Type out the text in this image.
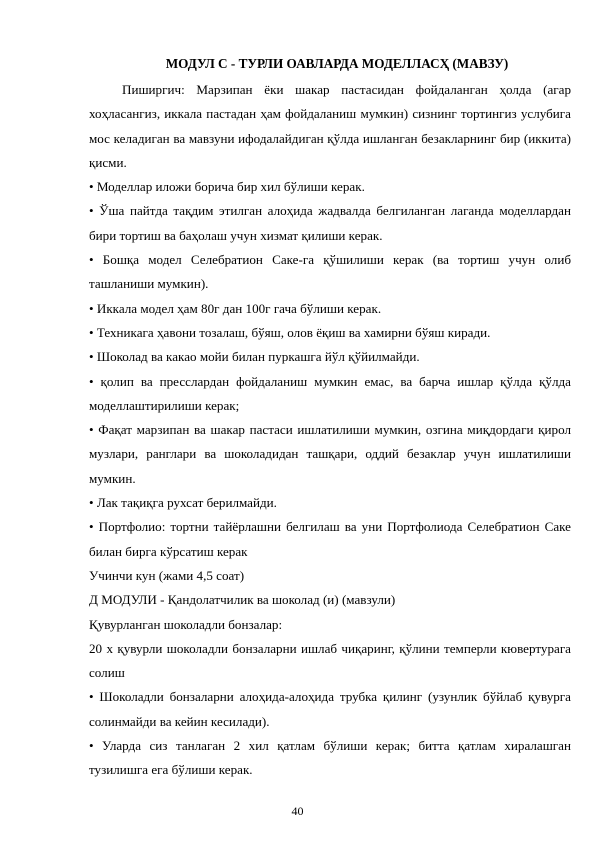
МОДУЛ С - ТУРЛИ ОАВЛАРДА МОДЕЛЛАСҲ (МАВЗУ)

Пиширгич: Марзипан ёки шакар пастасидан фойдаланган ҳолда (агар хоҳласангиз, иккала пастадан ҳам фойдаланиш мумкин) сизнинг тортингиз услубига мос келадиган ва мавзуни ифодалайдиган қўлда ишланган безакларнинг бир (иккита) қисми.

• Моделлар иложи борича бир хил бўлиши керак.

• Ўша пайтда тақдим этилган алоҳида жадвалда белгиланган лаганда моделлардан бири тортиш ва баҳолаш учун хизмат қилиши керак.

• Бошқа модел Селебратион Саке-га қўшилиши керак (ва тортиш учун олиб ташланиши мумкин).

• Иккала модел ҳам 80г дан 100г гача бўлиши керак.

• Техникага ҳавони тозалаш, бўяш, олов ёқиш ва хамирни бўяш киради.

• Шоколад ва какао мойи билан пуркашга йўл қўйилмайди.

• қолип ва пресслардан фойдаланиш мумкин емас, ва барча ишлар қўлда қўлда моделлаштирилиши керак;

• Фақат марзипан ва шакар пастаси ишлатилиши мумкин, озгина миқдордаги қирол музлари, ранглари ва шоколадидан ташқари, оддий безаклар учун ишлатилиши мумкин.

• Лак тақиқга рухсат берилмайди.

• Портфолио: тортни тайёрлашни белгилаш ва уни Портфолиода Селебратион Саке билан бирга кўрсатиш керак

Учинчи кун (жами 4,5 соат)

Д МОДУЛИ - Қандолатчилик ва шоколад (и) (мавзули)

Қувурланган шоколадли бонзалар:

20 х қувурли шоколадли бонзаларни ишлаб чиқаринг, қўлини темперли кювертурага солиш

• Шоколадли бонзаларни алоҳида-алоҳида трубка қилинг (узунлик бўйлаб қувурга солинмайди ва кейин кесилади).

• Уларда сиз танлаган 2 хил қатлам бўлиши керак; битта қатлам хиралашган тузилишга ега бўлиши керак.

40
